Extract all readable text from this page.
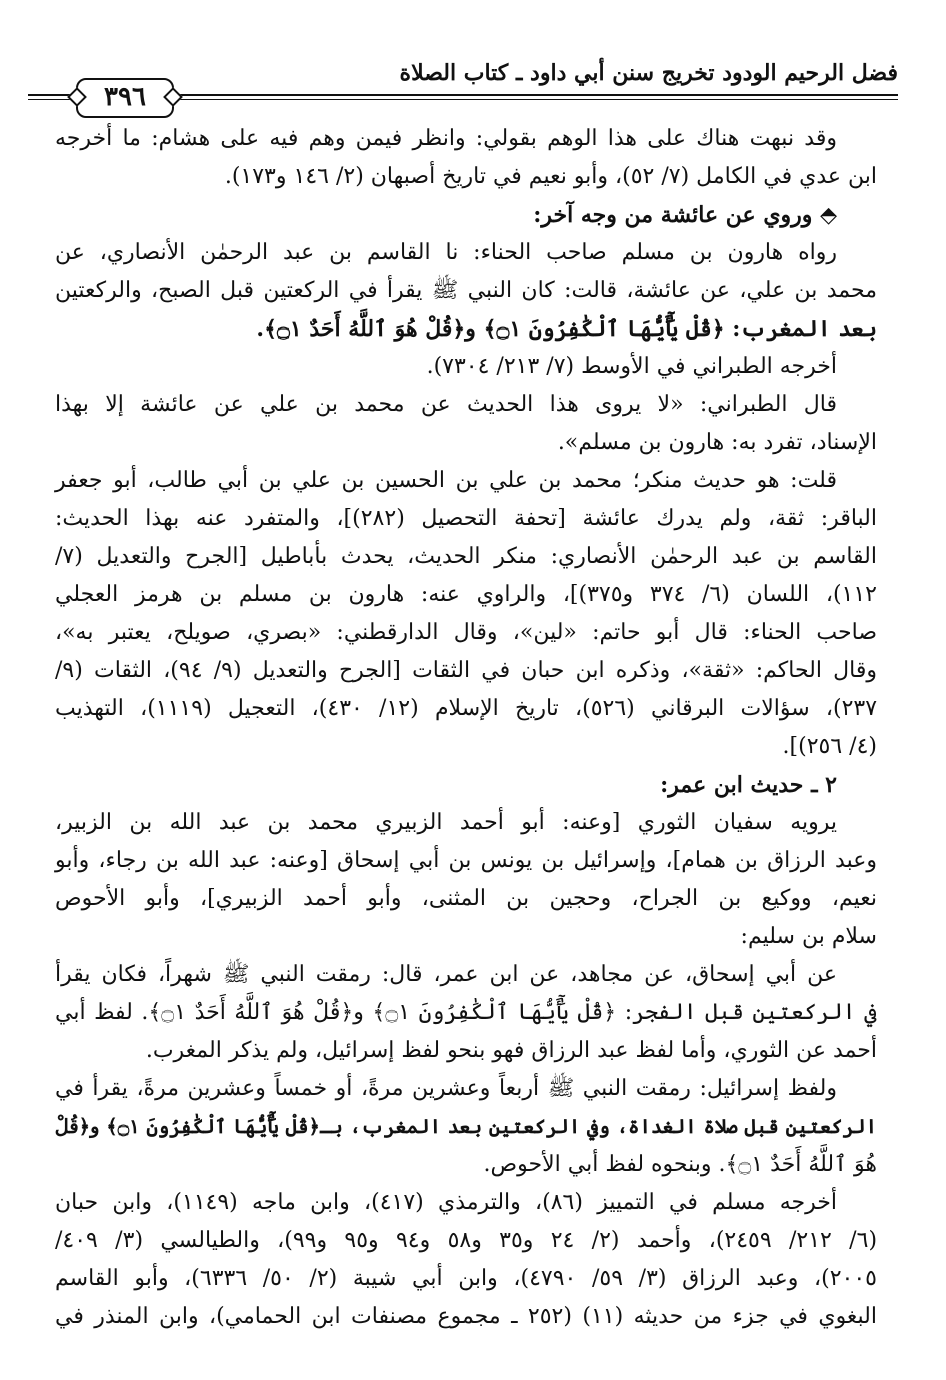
فضل الرحيم الودود تخريج سنن أبي داود ـ كتاب الصلاة
٣٩٦
وقد نبهت هناك على هذا الوهم بقولي: وانظر فيمن وهم فيه على هشام: ما أخرجه
ابن عدي في الكامل (٧/ ٥٢)، وأبو نعيم في تاريخ أصبهان (٢/ ١٤٦ و١٧٣).
⬘ وروي عن عائشة من وجه آخر:
رواه هارون بن مسلم صاحب الحناء: نا القاسم بن عبد الرحمٰن الأنصاري، عن
محمد بن علي، عن عائشة، قالت: كان النبي ﷺ يقرأ في الركعتين قبل الصبح، والركعتين
بعد المغرب: ﴿قُلْ يَٰٓأَيُّهَا ٱلْكَٰفِرُونَ ۝١﴾ و﴿قُلْ هُوَ ٱللَّهُ أَحَدٌ ۝١﴾.
أخرجه الطبراني في الأوسط (٧/ ٢١٣/ ٧٣٠٤).
قال الطبراني: «لا يروى هذا الحديث عن محمد بن علي عن عائشة إلا بهذا
الإسناد، تفرد به: هارون بن مسلم».
قلت: هو حديث منكر؛ محمد بن علي بن الحسين بن علي بن أبي طالب، أبو جعفر
الباقر: ثقة، ولم يدرك عائشة [تحفة التحصيل (٢٨٢)]، والمتفرد عنه بهذا الحديث:
القاسم بن عبد الرحمٰن الأنصاري: منكر الحديث، يحدث بأباطيل [الجرح والتعديل (٧/
١١٢)، اللسان (٦/ ٣٧٤ و٣٧٥)]، والراوي عنه: هارون بن مسلم بن هرمز العجلي
صاحب الحناء: قال أبو حاتم: «لين»، وقال الدارقطني: «بصري، صويلح، يعتبر به»،
وقال الحاكم: «ثقة»، وذكره ابن حبان في الثقات [الجرح والتعديل (٩/ ٩٤)، الثقات (٩/
٢٣٧)، سؤالات البرقاني (٥٢٦)، تاريخ الإسلام (١٢/ ٤٣٠)، التعجيل (١١١٩)، التهذيب
(٤/ ٢٥٦)].
٢ ـ حديث ابن عمر:
يرويه سفيان الثوري [وعنه: أبو أحمد الزبيري محمد بن عبد الله بن الزبير،
وعبد الرزاق بن همام]، وإسرائيل بن يونس بن أبي إسحاق [وعنه: عبد الله بن رجاء، وأبو
نعيم، ووكيع بن الجراح، وحجين بن المثنى، وأبو أحمد الزبيري]، وأبو الأحوص
سلام بن سليم:
عن أبي إسحاق، عن مجاهد، عن ابن عمر، قال: رمقت النبي ﷺ شهراً، فكان يقرأ
في الركعتين قبل الفجر: ﴿قُلْ يَٰٓأَيُّهَا ٱلْكَٰفِرُونَ ۝١﴾ و﴿قُلْ هُوَ ٱللَّهُ أَحَدٌ ۝١﴾. لفظ أبي
أحمد عن الثوري، وأما لفظ عبد الرزاق فهو بنحو لفظ إسرائيل، ولم يذكر المغرب.
ولفظ إسرائيل: رمقت النبي ﷺ أربعاً وعشرين مرةً، أو خمساً وعشرين مرةً، يقرأ في
الركعتين قبل صلاة الغداة، وفي الركعتين بعد المغرب، بـ﴿قُلْ يَٰٓأَيُّهَا ٱلْكَٰفِرُونَ ۝١﴾ و﴿قُلْ
هُوَ ٱللَّهُ أَحَدٌ ۝١﴾. وبنحوه لفظ أبي الأحوص.
أخرجه مسلم في التمييز (٨٦)، والترمذي (٤١٧)، وابن ماجه (١١٤٩)، وابن حبان
(٦/ ٢١٢/ ٢٤٥٩)، وأحمد (٢/ ٢٤ و٣٥ و٥٨ و٩٤ و٩٥ و٩٩)، والطيالسي (٣/ ٤٠٩/
٢٠٠٥)، وعبد الرزاق (٣/ ٥٩/ ٤٧٩٠)، وابن أبي شيبة (٢/ ٥٠/ ٦٣٣٦)، وأبو القاسم
البغوي في جزء من حديثه (١١) (٢٥٢ ـ مجموع مصنفات ابن الحمامي)، وابن المنذر في
